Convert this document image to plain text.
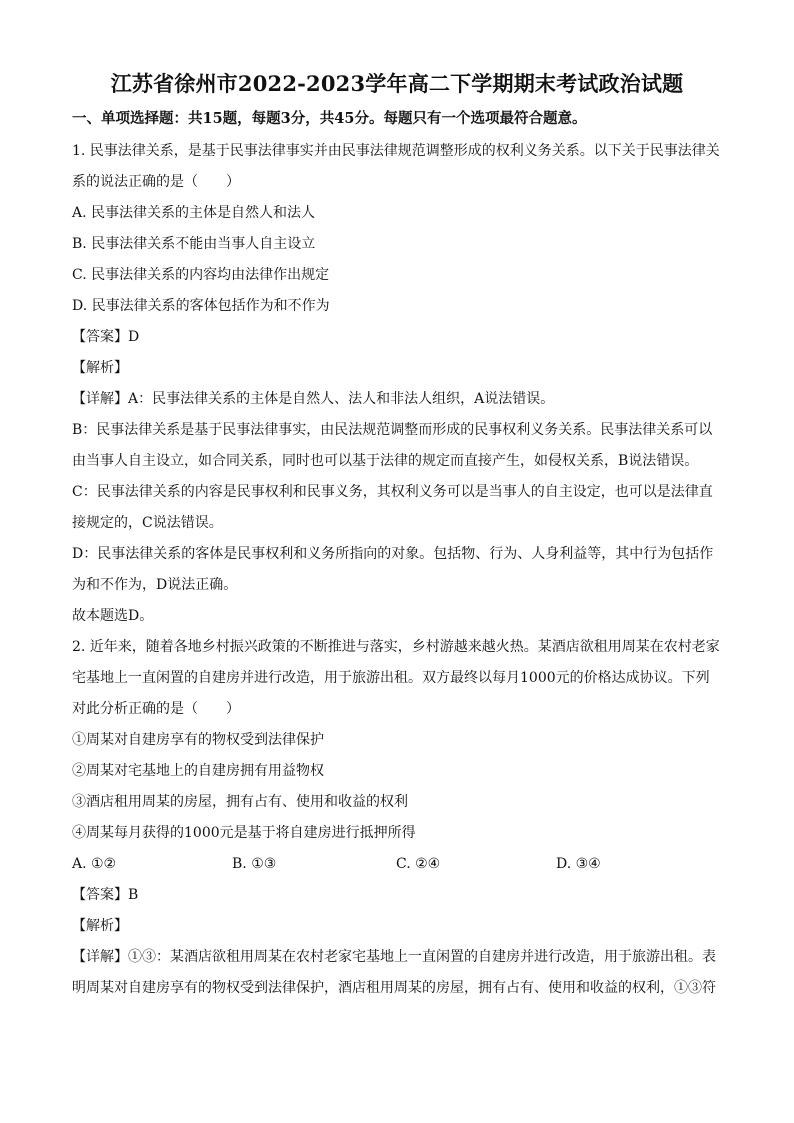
江苏省徐州市2022-2023学年高二下学期期末考试政治试题
一、单项选择题：共15题，每题3分，共45分。每题只有一个选项最符合题意。
1. 民事法律关系，是基于民事法律事实并由民事法律规范调整形成的权利义务关系。以下关于民事法律关
系的说法正确的是（　　）
A. 民事法律关系的主体是自然人和法人
B. 民事法律关系不能由当事人自主设立
C. 民事法律关系的内容均由法律作出规定
D. 民事法律关系的客体包括作为和不作为
【答案】D
【解析】
【详解】A：民事法律关系的主体是自然人、法人和非法人组织，A说法错误。
B：民事法律关系是基于民事法律事实，由民法规范调整而形成的民事权利义务关系。民事法律关系可以
由当事人自主设立，如合同关系，同时也可以基于法律的规定而直接产生，如侵权关系，B说法错误。
C：民事法律关系的内容是民事权利和民事义务，其权利义务可以是当事人的自主设定，也可以是法律直
接规定的，C说法错误。
D：民事法律关系的客体是民事权利和义务所指向的对象。包括物、行为、人身利益等，其中行为包括作
为和不作为，D说法正确。
故本题选D。
2. 近年来，随着各地乡村振兴政策的不断推进与落实，乡村游越来越火热。某酒店欲租用周某在农村老家
宅基地上一直闲置的自建房并进行改造，用于旅游出租。双方最终以每月1000元的价格达成协议。下列
对此分析正确的是（　　）
①周某对自建房享有的物权受到法律保护
②周某对宅基地上的自建房拥有用益物权
③酒店租用周某的房屋，拥有占有、使用和收益的权利
④周某每月获得的1000元是基于将自建房进行抵押所得
A. ①②	B. ①③	C. ②④	D. ③④
【答案】B
【解析】
【详解】①③：某酒店欲租用周某在农村老家宅基地上一直闲置的自建房并进行改造，用于旅游出租。表
明周某对自建房享有的物权受到法律保护，酒店租用周某的房屋，拥有占有、使用和收益的权利，①③符
